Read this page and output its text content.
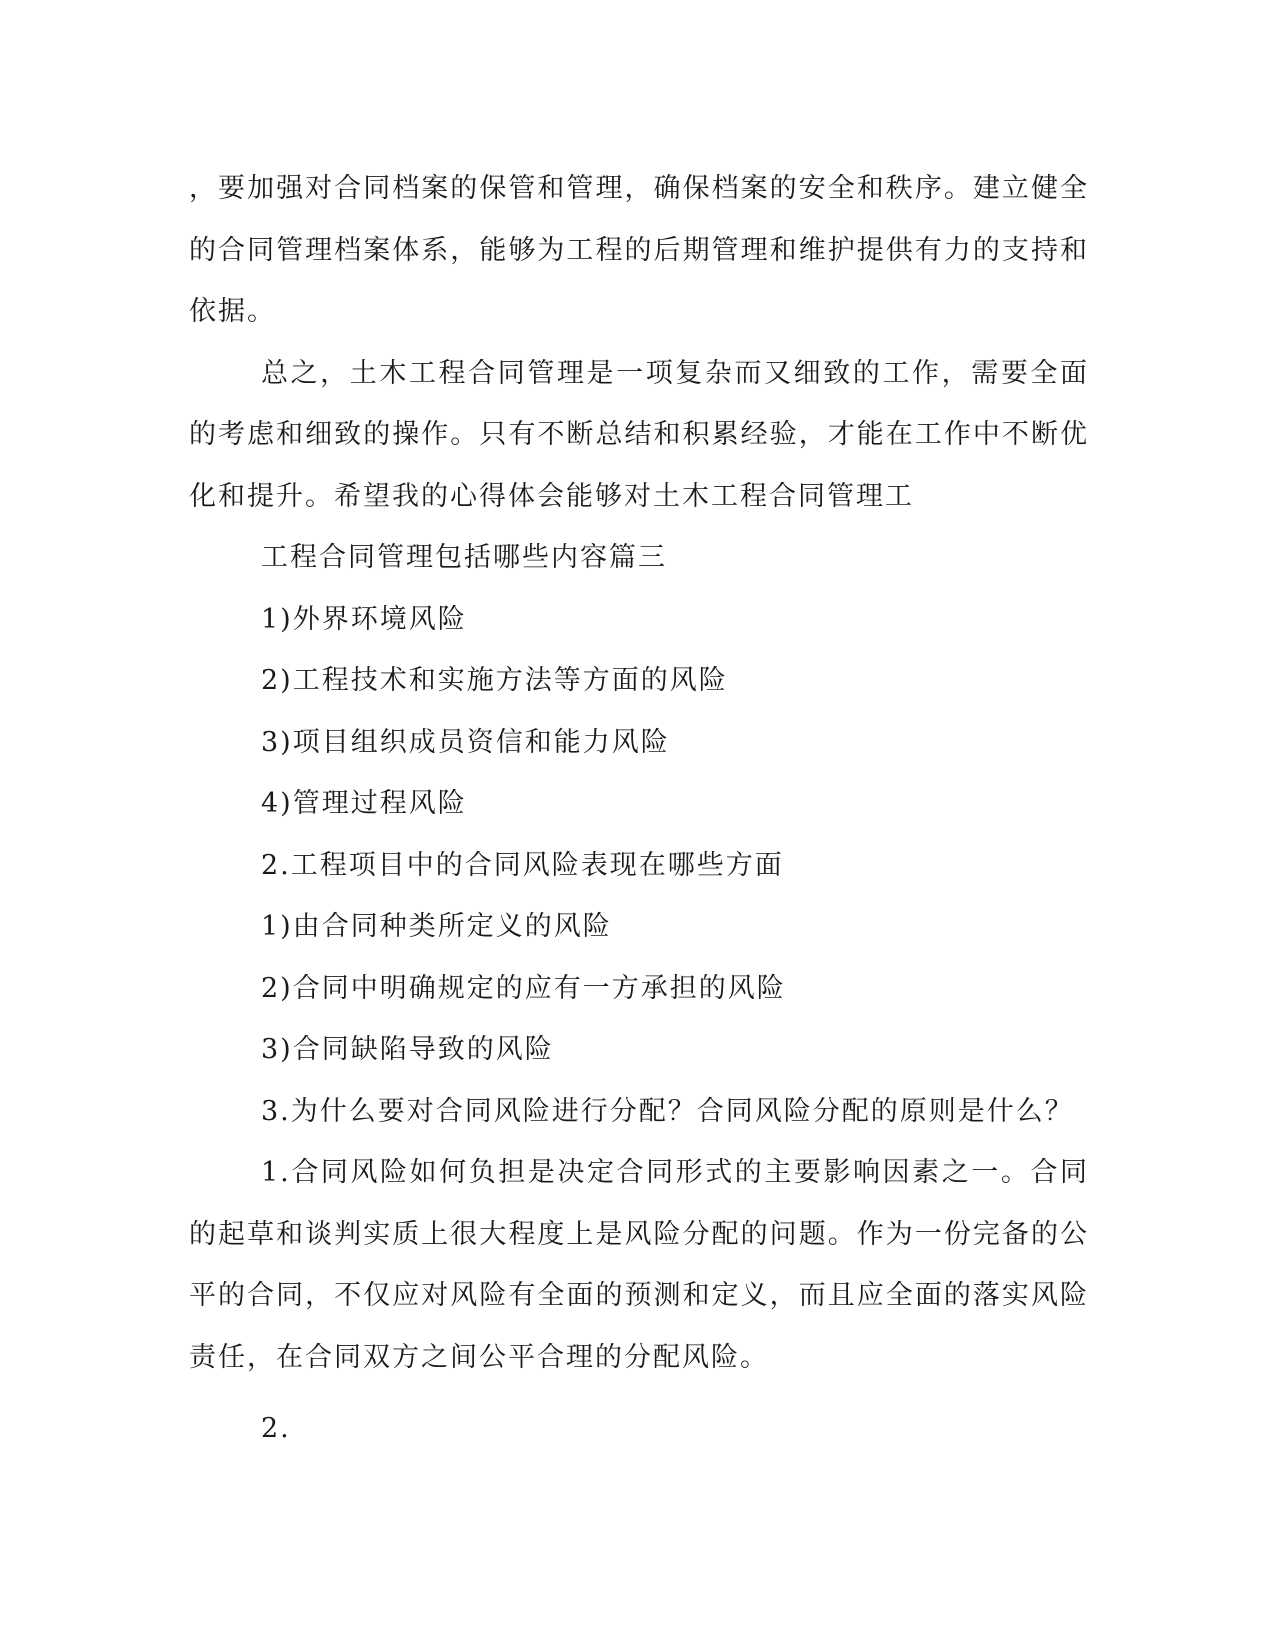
，要加强对合同档案的保管和管理，确保档案的安全和秩序。建立健全的合同管理档案体系，能够为工程的后期管理和维护提供有力的支持和依据。

总之，土木工程合同管理是一项复杂而又细致的工作，需要全面的考虑和细致的操作。只有不断总结和积累经验，才能在工作中不断优化和提升。希望我的心得体会能够对土木工程合同管理工

工程合同管理包括哪些内容篇三

1)外界环境风险

2)工程技术和实施方法等方面的风险

3)项目组织成员资信和能力风险

4)管理过程风险

2.工程项目中的合同风险表现在哪些方面

1)由合同种类所定义的风险

2)合同中明确规定的应有一方承担的风险

3)合同缺陷导致的风险

3.为什么要对合同风险进行分配？合同风险分配的原则是什么？

1.合同风险如何负担是决定合同形式的主要影响因素之一。合同的起草和谈判实质上很大程度上是风险分配的问题。作为一份完备的公平的合同，不仅应对风险有全面的预测和定义，而且应全面的落实风险责任，在合同双方之间公平合理的分配风险。

2.
